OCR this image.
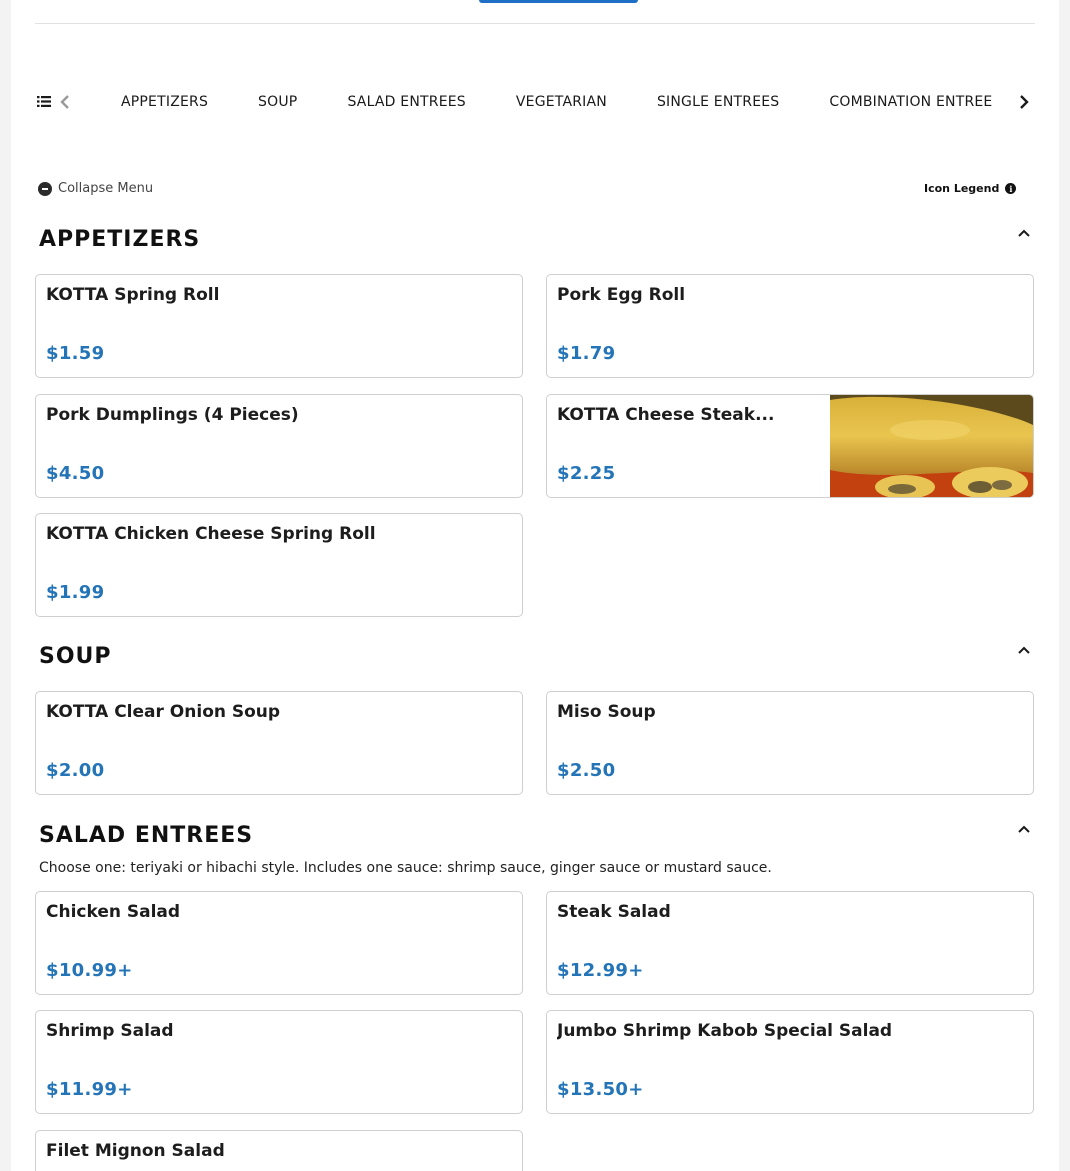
APPETIZERS	SOUP	SALAD ENTREES	VEGETARIAN	SINGLE ENTREES	COMBINATION ENTREE
Collapse Menu	Icon Legend	i
APPETIZERS
KOTTA Spring Roll
$1.59
Pork Egg Roll
$1.79
Pork Dumplings (4 Pieces)
$4.50
KOTTA Cheese Steak...
$2.25
KOTTA Chicken Cheese Spring Roll
$1.99
SOUP
KOTTA Clear Onion Soup
$2.00
Miso Soup
$2.50
SALAD ENTREES
Choose one: teriyaki or hibachi style. Includes one sauce: shrimp sauce, ginger sauce or mustard sauce.
Chicken Salad
$10.99+
Steak Salad
$12.99+
Shrimp Salad
$11.99+
Jumbo Shrimp Kabob Special Salad
$13.50+
Filet Mignon Salad
